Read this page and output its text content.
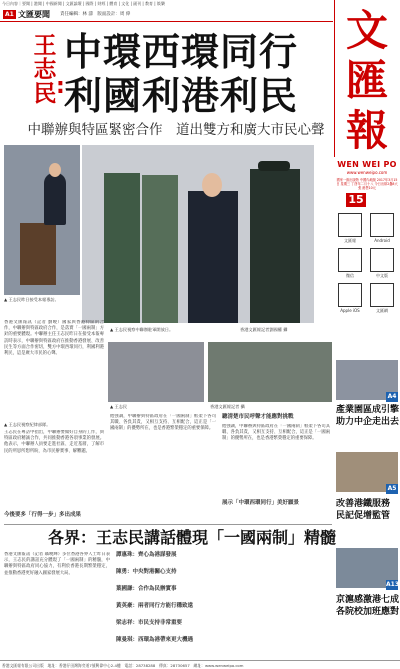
今日內容｜要聞 | 港聞 | 中國新聞 | 文匯論壇 | 國際 | 財經 | 體育 | 文化 | 副刊 | 教育 | 娛樂
A1 文匯要聞 責任編輯：林 濤　版面設計：周 偉
王
志
民 :
中環西環同行
利國利港利民
中聯辦與特區緊密合作　道出雙方和廣大市民心聲
▲ 王志民昨日接受本報專訪。
▲ 王志民視察中聯辦駐軍開放日。	香港文匯報記者劉國權 攝
香港文匯報訊（記者 劉曉）國家與香港特區的合作，中聯辦與特區政府合作，是落實「一國兩制」方針的重要體現。中聯辦主任王志民昨日在接受本報專訪時表示，中聯辦與特區政府在推動香港發展、改善民生等方面合作密切，雙方中環西環同行，利國利港利民，這是廣大市民的心聲。
▲ 王志民	香港文匯報記者 攝
▲ 王志民視察紀律部隊。
王志民在專訪中指出，中聯辦要做好自身的工作，與特區政府精誠合作，共同推動香港各項事業的發展。他表示，中聯辦人員要走進社區、走近基層，了解市民的所思所想所盼，為市民辦實事、解難題。
今後要多「行得一步」多出成果
他強調，中聯辦與特區政府在「一國兩制」框架下各司其職、各負其責，又相互支持、互相配合，這正是「一國兩制」的優勢所在，也是香港繁榮穩定的重要保障。
聽清楚市民呼聲才能應對挑戰
他強調，中聯辦與特區政府在「一國兩制」框架下各司其職、各負其責，又相互支持、互相配合，這正是「一國兩制」的優勢所在，也是香港繁榮穩定的重要保障。
展示「中環西環同行」美好願景
各界：王志民講話體現「一國兩制」精髓
香港文匯報訊（記者 聶曉輝）多位香港各界人士昨日表示，王志民的講話充分體現了「一國兩制」的精髓，中聯辦與特區政府同心協力，有利於香港長期繁榮穩定，並推動香港更好融入國家發展大局。
譚惠珠：齊心為港謀發展
陳勇：中央對港關心支持
葉國謙：合作為民辦實事
黃英豪：兩者同行方能行穩致遠
梁志祥：市民支持非常重要
陳曼琪：西環為港帶來更大機遇
文
匯
報
WEN WEI PO
www.wenweipo.com
國家一級出版物 中國內地版 2017年3月15日 星期三 丁酉年二月十八 今日出紙2疊8大張 港售10元
15
文匯報	Android
微信	中文版
Apple iOS	文匯網
A4
產業園區成引擎
助力中企走出去
A5
改善港鐵服務
民記促增監管
A13
京滬感激港七成
各院校加班應對
香港文匯報有限公司出版　地址：香港仔田灣海旁道7號興偉中心2-4樓　電話：28738288　傳真：28730657　網址：www.wenweipo.com
